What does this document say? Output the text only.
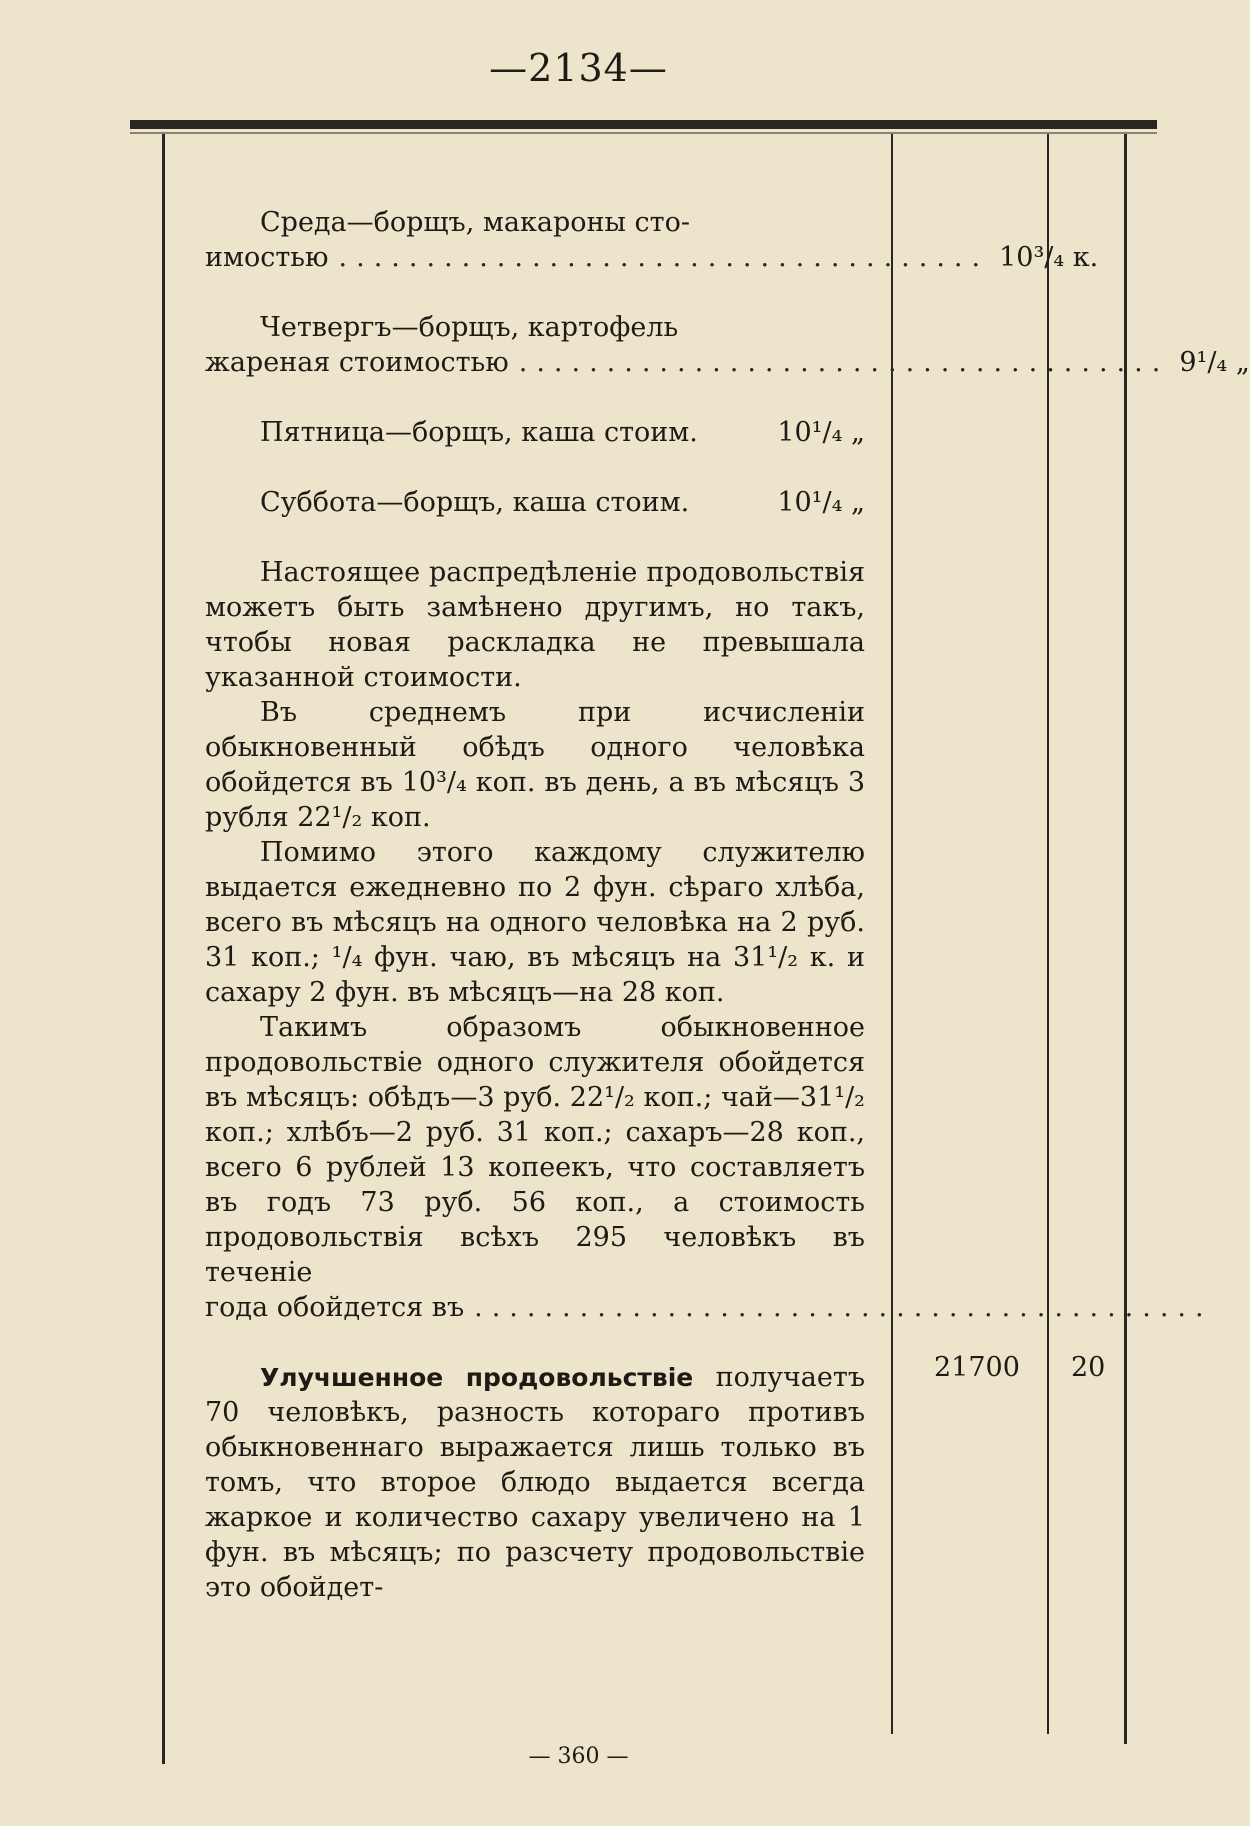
—2134—

Среда—борщъ, макароны сто-

имостью ..................................... 10³/₄ к.

Четвергъ—борщъ, картофель

жареная стоимостью ..................................... 9¹/₄ „
Пятница—борщъ, каша стоим.	10¹/₄ „
Суббота—борщъ, каша стоим.	10¹/₄ „

Настоящее распредѣленіе продовольствія можетъ быть замѣнено другимъ, но такъ, чтобы новая раскладка не превышала указанной стоимости.

Въ среднемъ при исчисленіи обыкновенный обѣдъ одного человѣка обойдется въ 10³/₄ коп. въ день, а въ мѣсяцъ 3 рубля 22¹/₂ коп.

Помимо этого каждому служителю выдается ежедневно по 2 фун. сѣраго хлѣба, всего въ мѣсяцъ на одного человѣка на 2 руб. 31 коп.; ¹/₄ фун. чаю, въ мѣсяцъ на 31¹/₂ к. и сахару 2 фун. въ мѣсяцъ—на 28 коп.

Такимъ образомъ обыкновенное продовольствіе одного служителя обойдется въ мѣсяцъ: обѣдъ—3 руб. 22¹/₂ коп.; чай—31¹/₂ коп.; хлѣбъ—2 руб. 31 коп.; сахаръ—28 коп., всего 6 рублей 13 копеекъ, что составляетъ въ годъ 73 руб. 56 коп., а стоимость продовольствія всѣхъ 295 человѣкъ въ теченіе

года обойдется въ ..........................................

Улучшенное продовольствіе получаетъ 70 человѣкъ, разность котораго противъ обыкновеннаго выражается лишь только въ томъ, что второе блюдо выдается всегда жаркое и количество сахару увеличено на 1 фун. въ мѣсяцъ; по разсчету продовольствіе это обойдет-

21700 20
— 360 —
